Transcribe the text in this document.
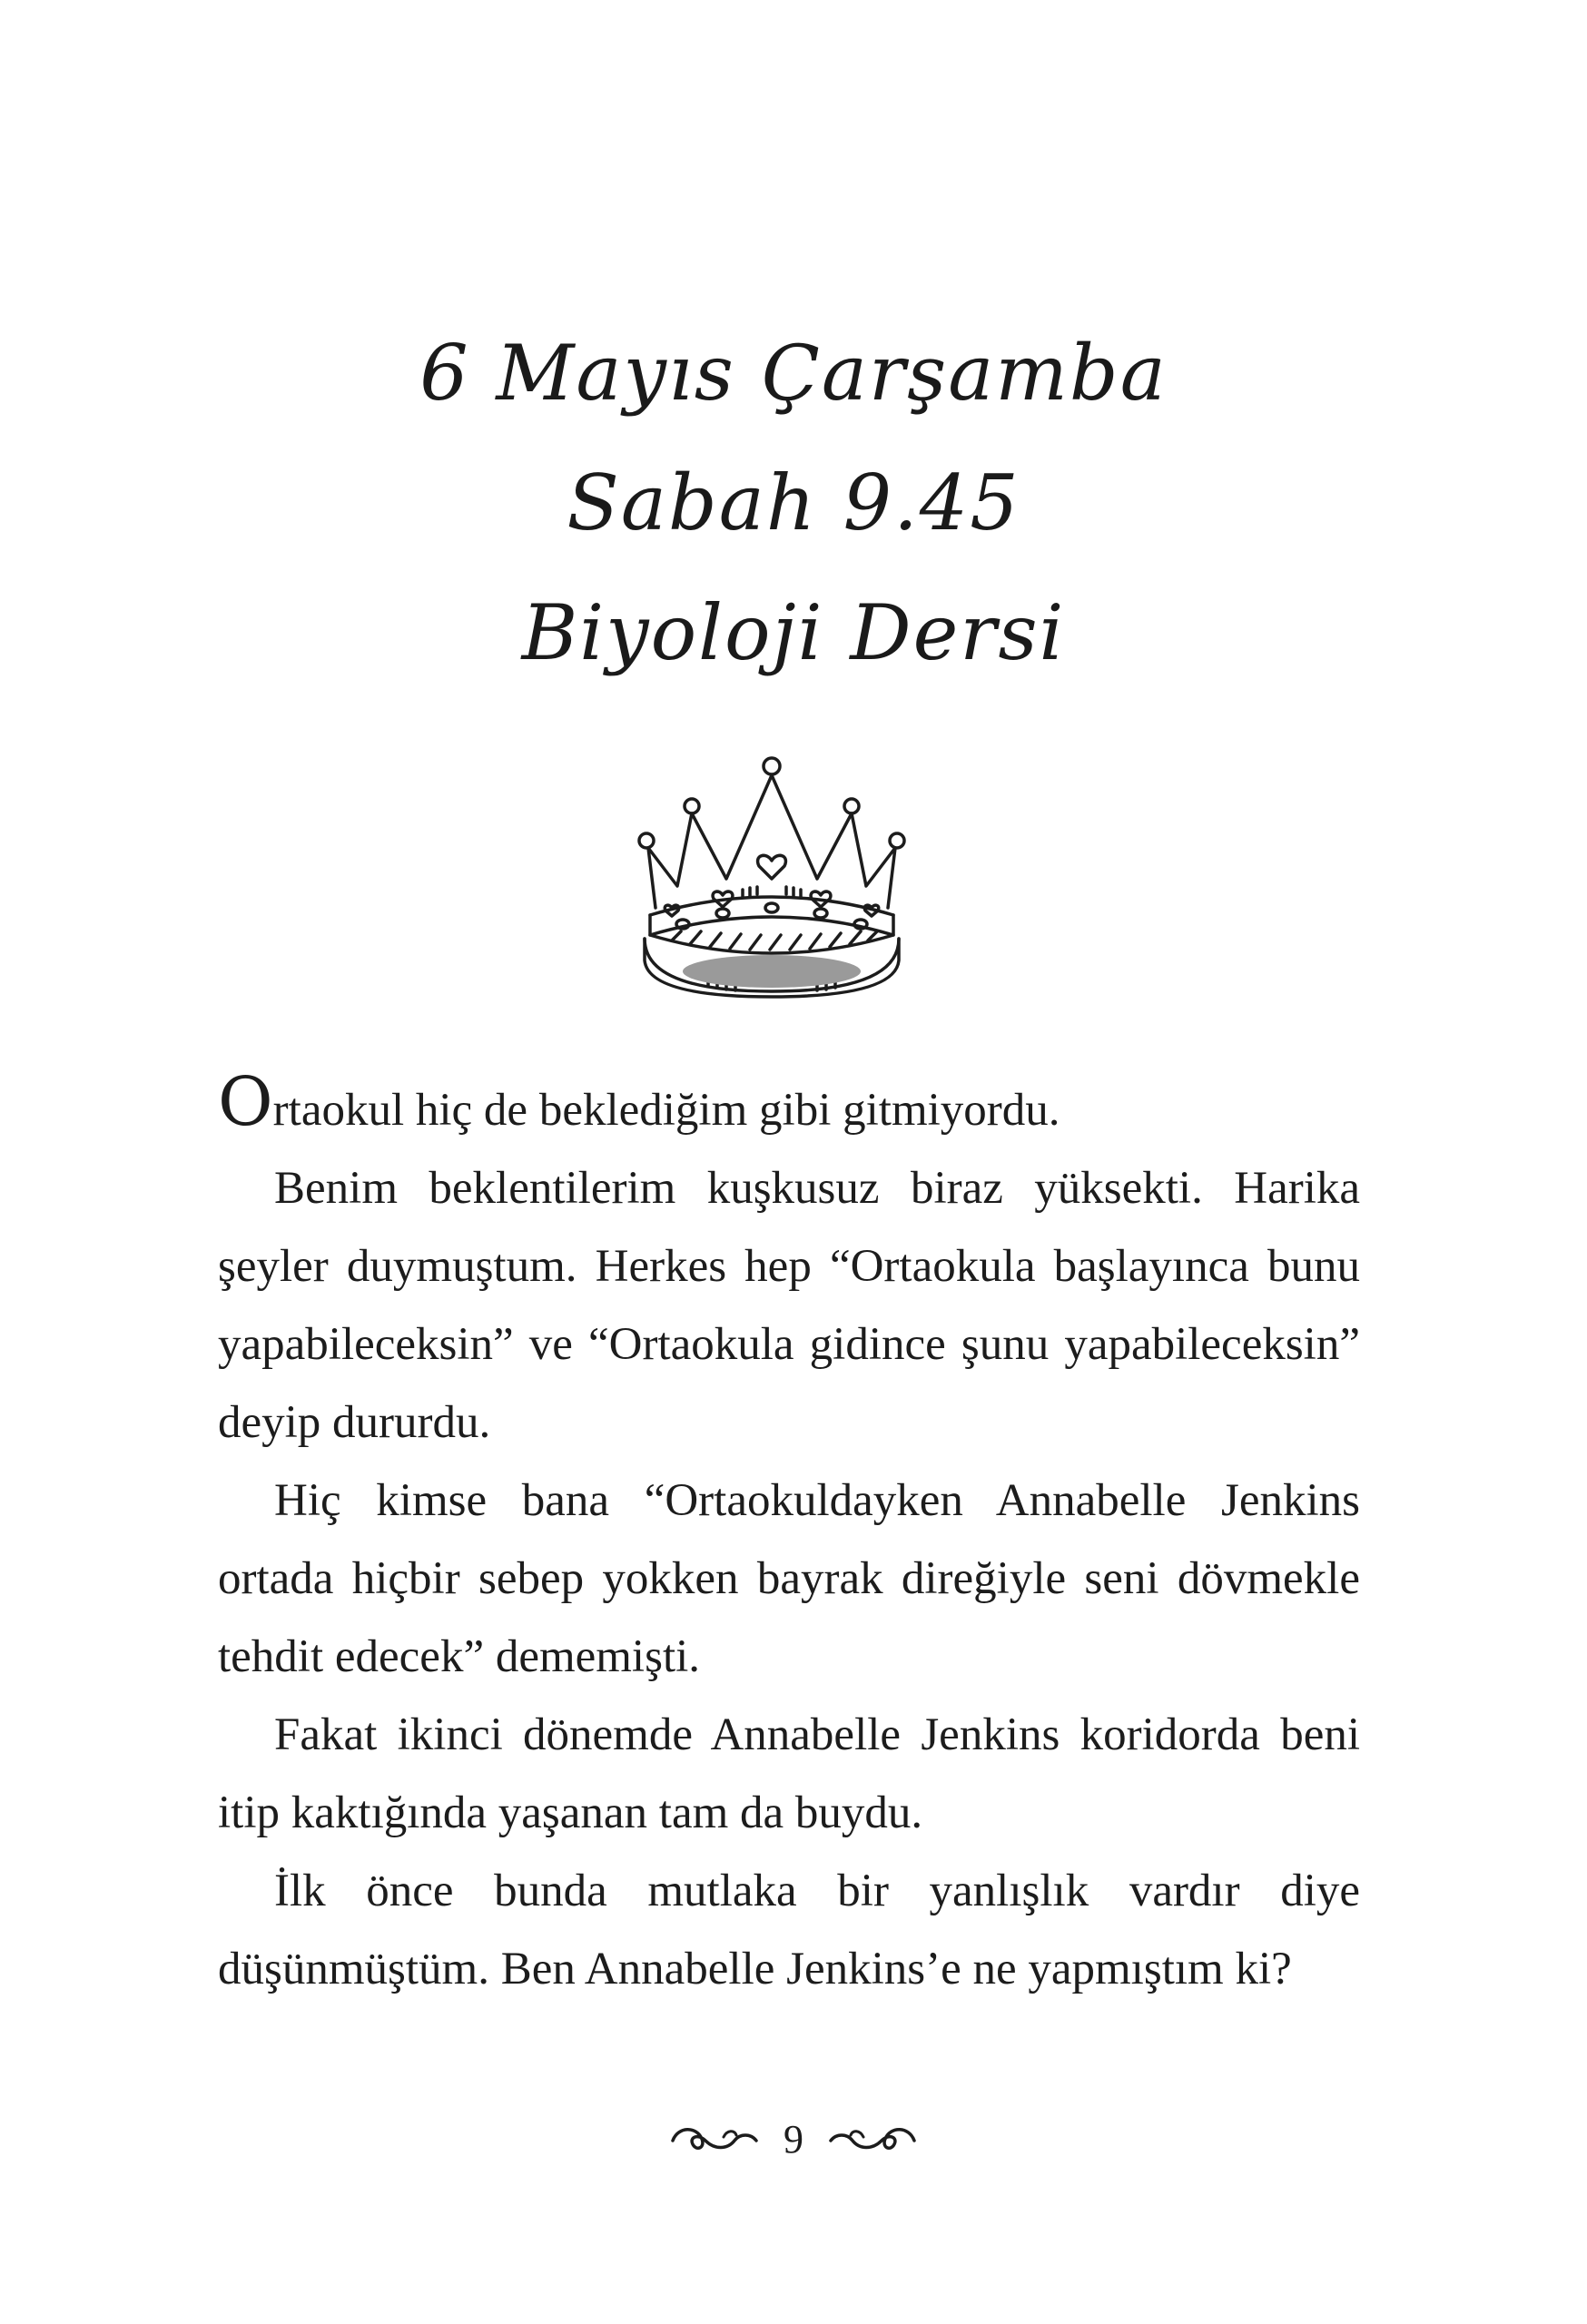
6 Mayıs Çarşamba
Sabah 9.45
Biyoloji Dersi

Ortaokul hiç de beklediğim gibi gitmiyordu.

Benim beklentilerim kuşkusuz biraz yüksekti. Harika şeyler duymuştum. Herkes hep “Ortaokula başlayınca bunu yapabileceksin” ve “Ortaokula gidince şunu yapabileceksin” deyip dururdu.

Hiç kimse bana “Ortaokuldayken Annabelle Jenkins ortada hiçbir sebep yokken bayrak direğiyle seni dövmekle tehdit edecek” dememişti.

Fakat ikinci dönemde Annabelle Jenkins koridorda beni itip kaktığında yaşanan tam da buydu.

İlk önce bunda mutlaka bir yanlışlık vardır diye düşünmüştüm. Ben Annabelle Jenkins’e ne yapmıştım ki?

9
